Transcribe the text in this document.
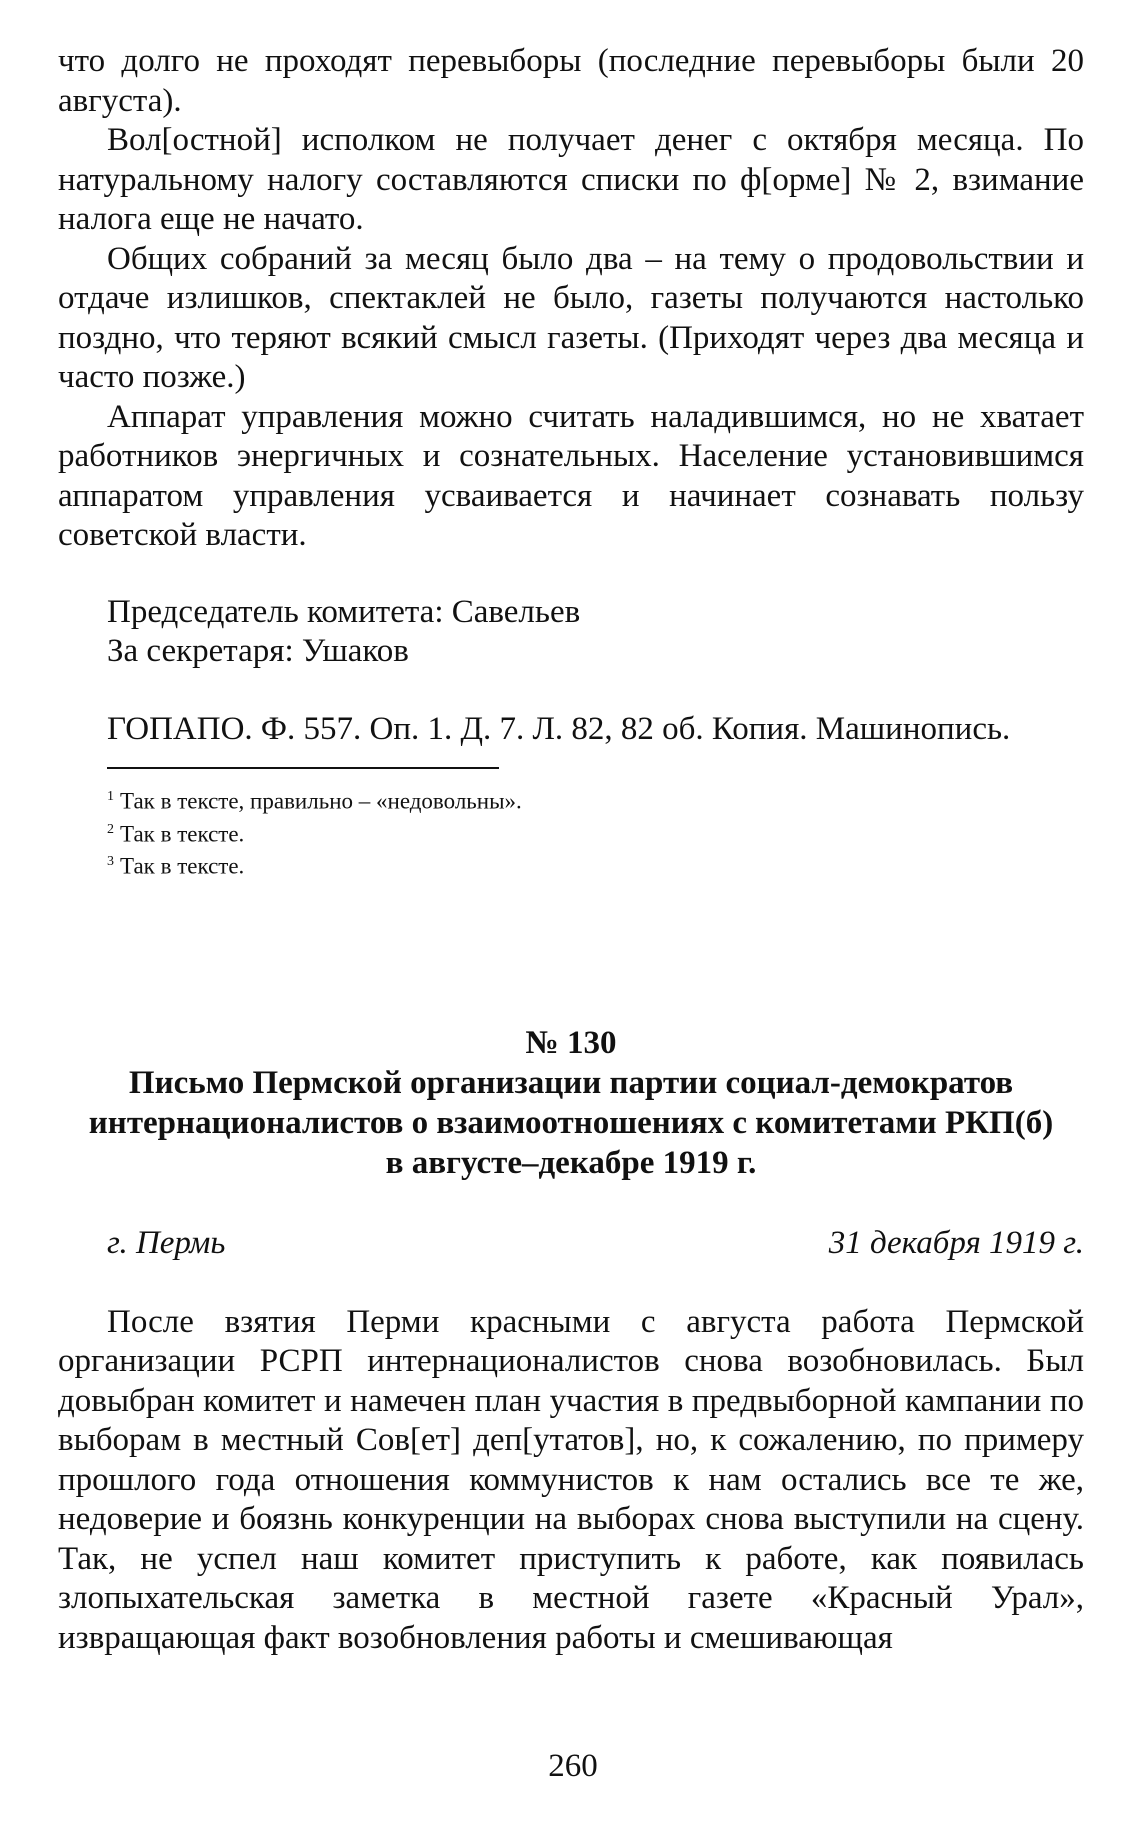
что долго не проходят перевыборы (последние перевыборы были 20 августа).

Вол[остной] исполком не получает денег с октября месяца. По натуральному налогу составляются списки по ф[орме] № 2, взимание налога еще не начато.

Общих собраний за месяц было два – на тему о продовольствии и отдаче излишков, спектаклей не было, газеты получаются настолько поздно, что теряют всякий смысл газеты. (Приходят через два месяца и часто позже.)

Аппарат управления можно считать наладившимся, но не хватает работников энергичных и сознательных. Население установившимся аппаратом управления усваивается и начинает сознавать пользу советской власти.

Председатель комитета: Савельев
За секретаря: Ушаков
ГОПАПО. Ф. 557. Оп. 1. Д. 7. Л. 82, 82 об. Копия. Машинопись.
$^1$ Так в тексте, правильно – «недовольны».
$^2$ Так в тексте.
$^3$ Так в тексте.
№ 130
Письмо Пермской организации партии социал-демократов
интернационалистов о взаимоотношениях с комитетами РКП(б)
в августе–декабре 1919 г.
г. Пермь	31 декабря 1919 г.

После взятия Перми красными с августа работа Пермской организации РСРП интернационалистов снова возобновилась. Был довыбран комитет и намечен план участия в предвыборной кампании по выборам в местный Сов[ет] деп[утатов], но, к сожалению, по примеру прошлого года отношения коммунистов к нам остались все те же, недоверие и боязнь конкуренции на выборах снова выступили на сцену. Так, не успел наш комитет приступить к работе, как появилась злопыхательская заметка в местной газете «Красный Урал», извращающая факт возобновления работы и смешивающая

260
